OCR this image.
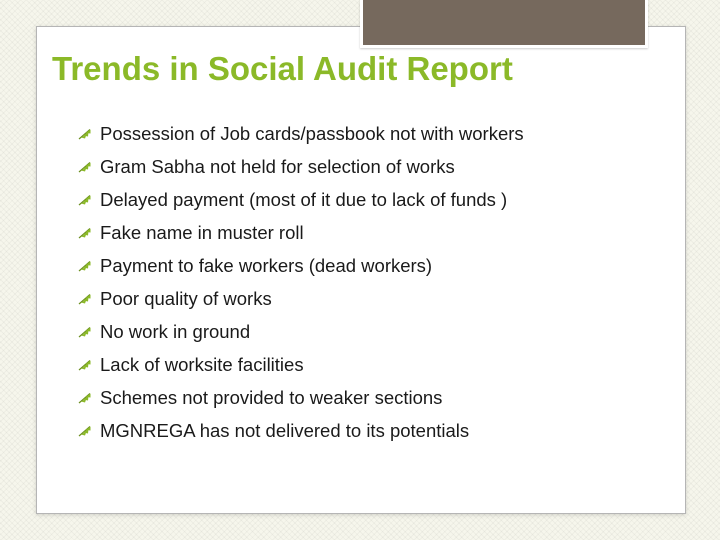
Trends in Social Audit Report
Possession of Job cards/passbook not with workers
Gram Sabha not held for selection of works
Delayed payment (most of it due to lack of funds )
Fake name in muster roll
Payment to fake workers (dead workers)
Poor quality of works
No work in ground
Lack of worksite facilities
Schemes not provided to weaker sections
MGNREGA has not delivered to its potentials
